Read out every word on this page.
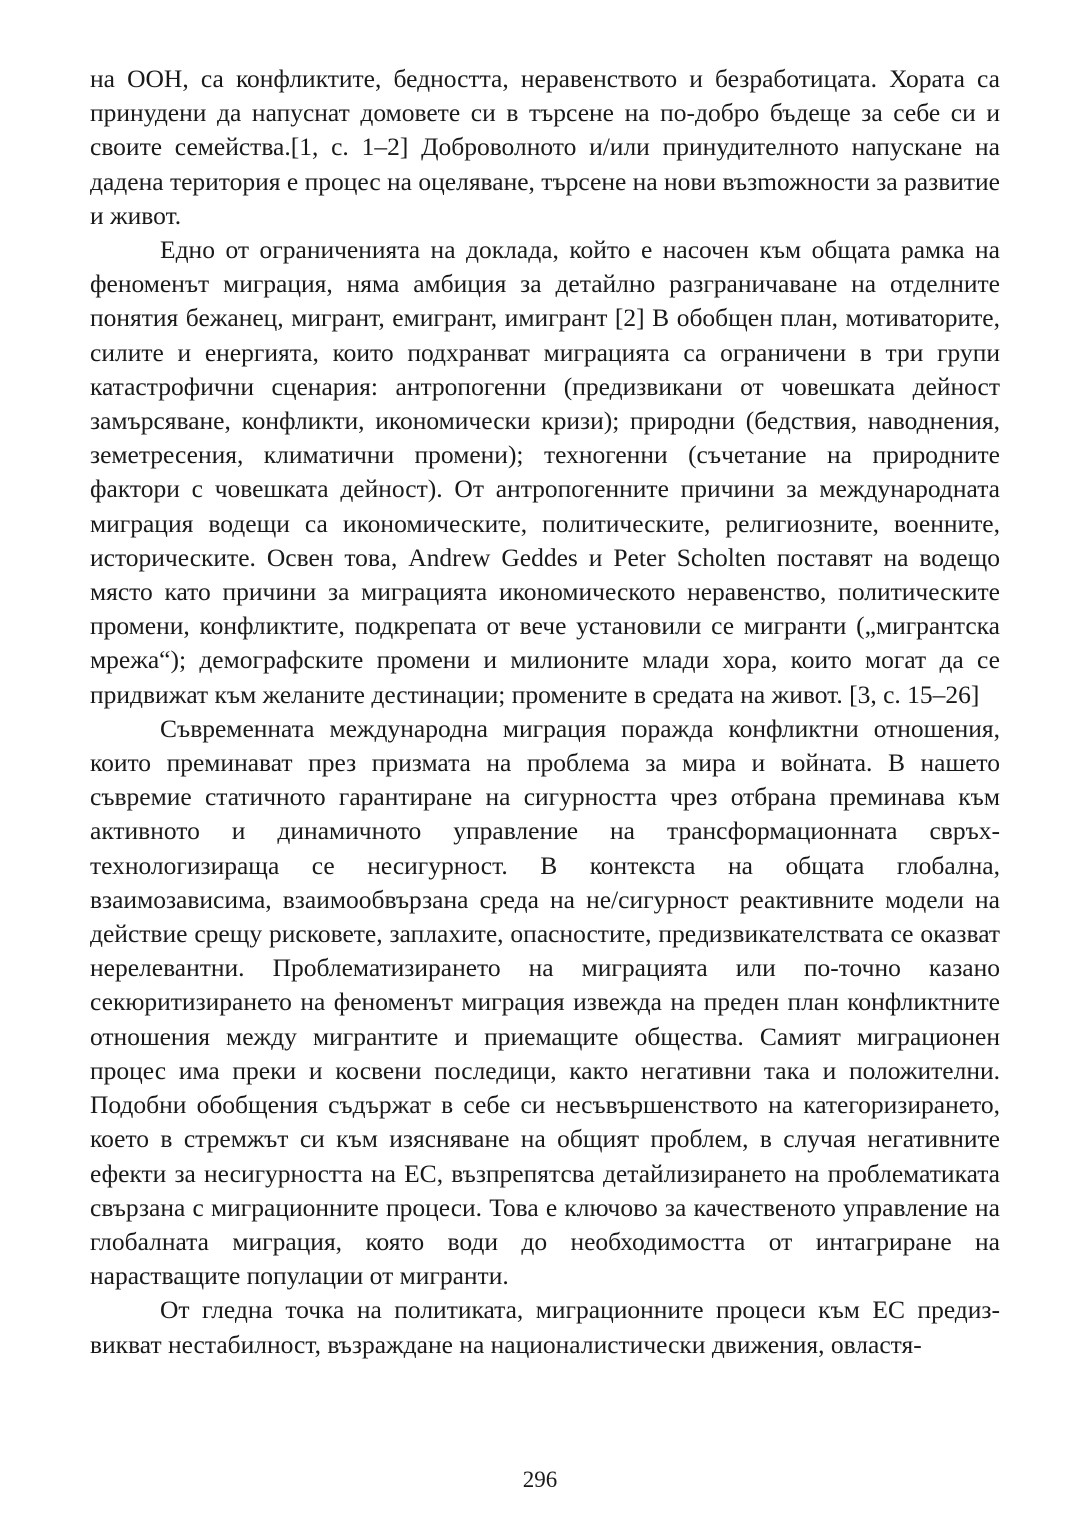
на ООН, са конфликтите, бедността, неравенството и безработицата. Хората са принудени да напуснат домовете си в търсене на по-добро бъдеще за себе си и своите семейства.[1, с. 1–2] Доброволното и/или принудителното напускане на дадена територия е процес на оцеляване, търсене на нови възmожности за развитие и живот.

Едно от ограниченията на доклада, който е насочен към общата рамка на феноменът миграция, няма амбиция за детайлно разграничаване на отделните понятия бежанец, мигрант, емигрант, имигрант [2] В обобщен план, мотиваторите, силите и енергията, които подхранват миграцията са ограничени в три групи катастрофични сценария: антропогенни (предизвикани от човешката дейност замърсяване, конфликти, икономически кризи); природни (бедствия, наводнения, земетресения, климатични промени); техногенни (съчетание на природните фактори с човешката дейност). От антропогенните причини за международната миграция водещи са икономическите, политическите, религиозните, военните, историческите. Освен това, Andrew Geddes и Peter Scholten поставят на водещо място като причини за миграцията икономическото неравенство, политическите промени, конфликтите, подкрепата от вече установили се мигранти („мигрантска мрежа“); демографските промени и милионите млади хора, които могат да се придвижат към желаните дестинации; промените в средата на живот. [3, с. 15–26]

Съвременната международна миграция поражда конфликтни отношения, които преминават през призмата на проблема за мира и войната. В нашето съвремие статичното гарантиране на сигурността чрез отбрана преминава към активното и динамичното управление на трансформационната свръх-технологизираща се несигурност. В контекста на общата глобална, взаимозависима, взаимообвързана среда на не/сигурност реактивните модели на действие срещу рисковете, заплахите, опасностите, предизвикателствата се оказват нерелевантни. Проблематизирането на миграцията или по-точно казано секюритизирането на феноменът миграция извежда на преден план конфликтните отношения между мигрантите и приемащите общества. Самият миграционен процес има преки и косвени последици, както негативни така и положителни. Подобни обобщения съдържат в себе си несъвършенството на категоризирането, което в стремжът си към изясняване на общият проблем, в случая негативните ефекти за несигурността на ЕС, възпрепятсва детайлизирането на проблематиката свързана с миграционните процеси. Това е ключово за качественото управление на глобалната миграция, която води до необходимостта от интагриране на нарастващите популации от мигранти.

От гледна точка на политиката, миграционните процеси към ЕС предизвикват нестабилност, възраждане на националистически движения, овластя-

296
